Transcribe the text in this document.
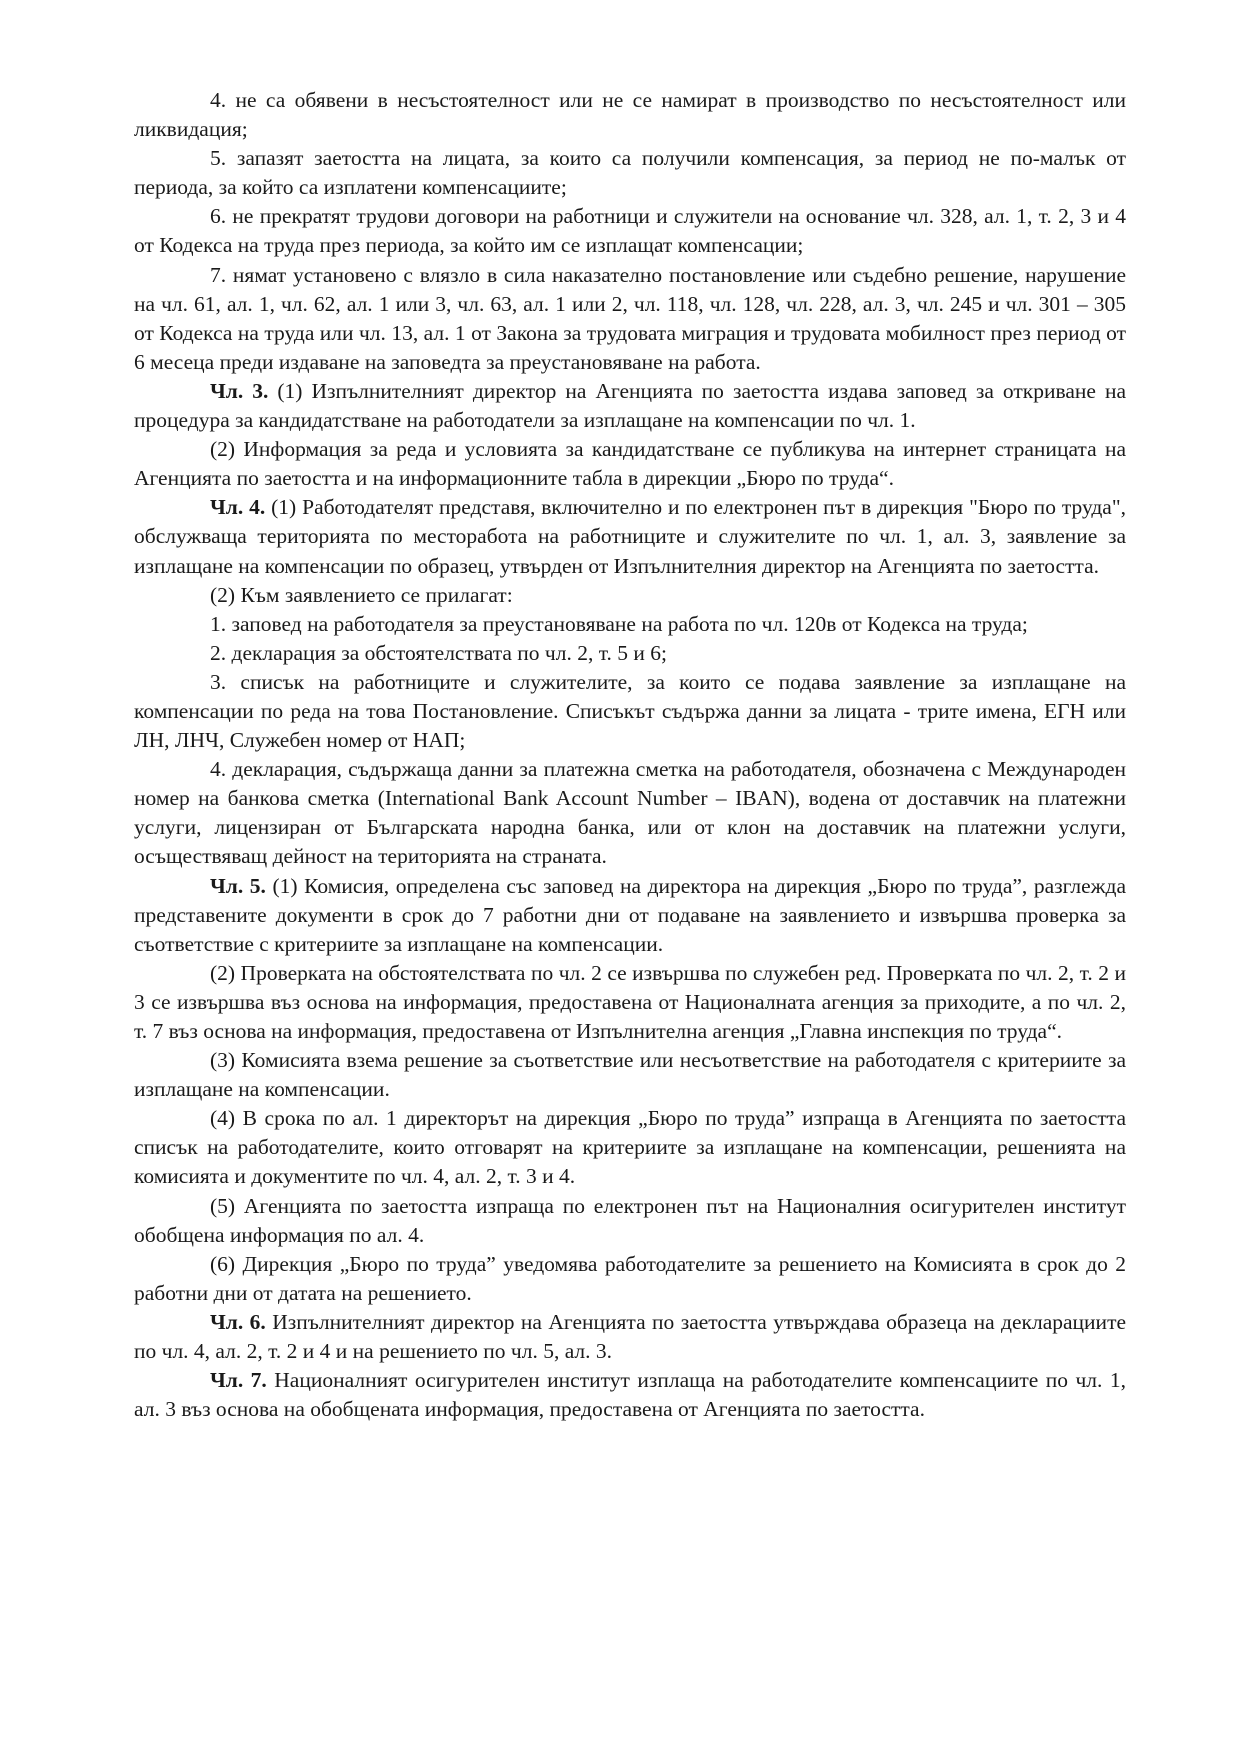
4. не са обявени в несъстоятелност или не се намират в производство по несъстоятелност или ликвидация;

5. запазят заетостта на лицата, за които са получили компенсация, за период не по-малък от периода, за който са изплатени компенсациите;

6. не прекратят трудови договори на работници и служители на основание чл. 328, ал. 1, т. 2, 3 и 4 от Кодекса на труда през периода, за който им се изплащат компенсации;

7. нямат установено с влязло в сила наказателно постановление или съдебно решение, нарушение на чл. 61, ал. 1, чл. 62, ал. 1 или 3, чл. 63, ал. 1 или 2, чл. 118, чл. 128, чл. 228, ал. 3, чл. 245 и чл. 301 – 305 от Кодекса на труда или чл. 13, ал. 1 от Закона за трудовата миграция и трудовата мобилност през период от 6 месеца преди издаване на заповедта за преустановяване на работа.

Чл. 3. (1) Изпълнителният директор на Агенцията по заетостта издава заповед за откриване на процедура за кандидатстване на работодатели за изплащане на компенсации по чл. 1.

(2) Информация за реда и условията за кандидатстване се публикува на интернет страницата на Агенцията по заетостта и на информационните табла в дирекции „Бюро по труда“.

Чл. 4. (1) Работодателят представя, включително и по електронен път в дирекция "Бюро по труда", обслужваща територията по месторабота на работниците и служителите по чл. 1, ал. 3, заявление за изплащане на компенсации по образец, утвърден от Изпълнителния директор на Агенцията по заетостта.

(2) Към заявлението се прилагат:

1. заповед на работодателя за преустановяване на работа по чл. 120в от Кодекса на труда;

2. декларация за обстоятелствата по чл. 2, т. 5 и 6;

3. списък на работниците и служителите, за които се подава заявление за изплащане на компенсации по реда на това Постановление. Списъкът съдържа данни за лицата - трите имена, ЕГН или ЛН, ЛНЧ, Служебен номер от НАП;

4. декларация, съдържаща данни за платежна сметка на работодателя, обозначена с Международен номер на банкова сметка (International Bank Account Number – IBAN), водена от доставчик на платежни услуги, лицензиран от Българската народна банка, или от клон на доставчик на платежни услуги, осъществяващ дейност на територията на страната.

Чл. 5. (1) Комисия, определена със заповед на директора на дирекция „Бюро по труда”, разглежда представените документи в срок до 7 работни дни от подаване на заявлението и извършва проверка за съответствие с критериите за изплащане на компенсации.

(2) Проверката на обстоятелствата по чл. 2 се извършва по служебен ред. Проверката по чл. 2, т. 2 и 3 се извършва въз основа на информация, предоставена от Националната агенция за приходите, а по чл. 2, т. 7 въз основа на информация, предоставена от Изпълнителна агенция „Главна инспекция по труда“.

(3) Комисията взема решение за съответствие или несъответствие на работодателя с критериите за изплащане на компенсации.

(4) В срока по ал. 1 директорът на дирекция „Бюро по труда” изпраща в Агенцията по заетостта списък на работодателите, които отговарят на критериите за изплащане на компенсации, решенията на комисията и документите по чл. 4, ал. 2, т. 3 и 4.

(5) Агенцията по заетостта изпраща по електронен път на Националния осигурителен институт обобщена информация по ал. 4.

(6) Дирекция „Бюро по труда” уведомява работодателите за решението на Комисията в срок до 2 работни дни от датата на решението.

Чл. 6. Изпълнителният директор на Агенцията по заетостта утвърждава образеца на декларациите по чл. 4, ал. 2, т. 2 и 4 и на решението по чл. 5, ал. 3.

Чл. 7. Националният осигурителен институт изплаща на работодателите компенсациите по чл. 1, ал. 3 въз основа на обобщената информация, предоставена от Агенцията по заетостта.
